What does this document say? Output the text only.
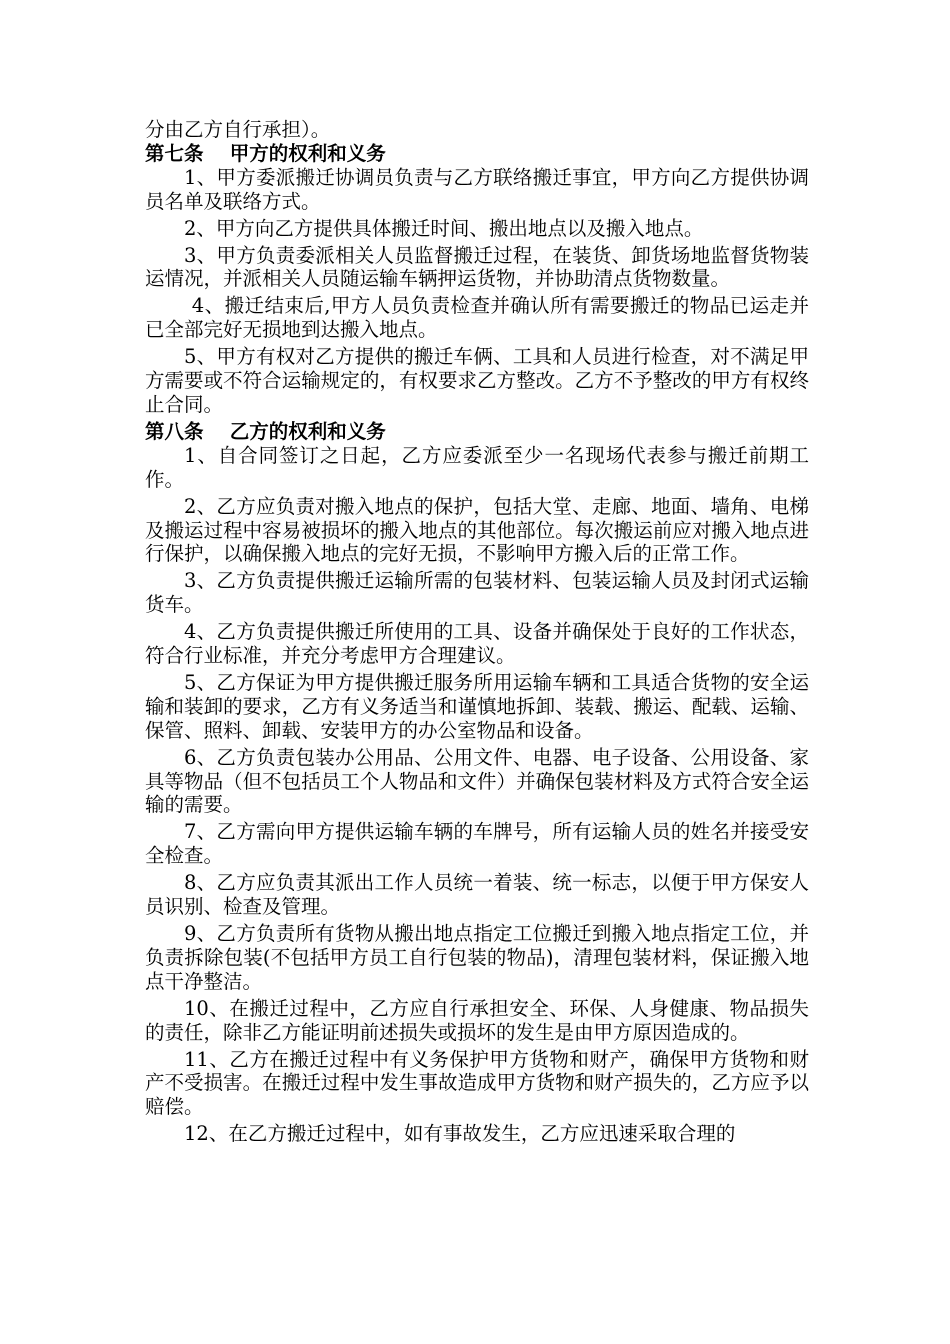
分由乙方自行承担）。

第七条　 甲方的权利和义务

1、甲方委派搬迁协调员负责与乙方联络搬迁事宜，甲方向乙方提供协调员名单及联络方式。

2、甲方向乙方提供具体搬迁时间、搬出地点以及搬入地点。

3、甲方负责委派相关人员监督搬迁过程，在装货、卸货场地监督货物装运情况，并派相关人员随运输车辆押运货物，并协助清点货物数量。

4、搬迁结束后,甲方人员负责检查并确认所有需要搬迁的物品已运走并已全部完好无损地到达搬入地点。

5、甲方有权对乙方提供的搬迁车俩、工具和人员进行检查，对不满足甲方需要或不符合运输规定的，有权要求乙方整改。乙方不予整改的甲方有权终止合同。

第八条　 乙方的权利和义务

1、自合同签订之日起，乙方应委派至少一名现场代表参与搬迁前期工作。

2、乙方应负责对搬入地点的保护，包括大堂、走廊、地面、墙角、电梯及搬运过程中容易被损坏的搬入地点的其他部位。每次搬运前应对搬入地点进行保护，以确保搬入地点的完好无损，不影响甲方搬入后的正常工作。

3、乙方负责提供搬迁运输所需的包装材料、包装运输人员及封闭式运输货车。

4、乙方负责提供搬迁所使用的工具、设备并确保处于良好的工作状态，符合行业标准，并充分考虑甲方合理建议。

5、乙方保证为甲方提供搬迁服务所用运输车辆和工具适合货物的安全运输和装卸的要求，乙方有义务适当和谨慎地拆卸、装载、搬运、配载、运输、保管、照料、卸载、安装甲方的办公室物品和设备。

6、乙方负责包装办公用品、公用文件、电器、电子设备、公用设备、家具等物品（但不包括员工个人物品和文件）并确保包装材料及方式符合安全运输的需要。

7、乙方需向甲方提供运输车辆的车牌号，所有运输人员的姓名并接受安全检查。

8、乙方应负责其派出工作人员统一着装、统一标志，以便于甲方保安人员识别、检查及管理。

9、乙方负责所有货物从搬出地点指定工位搬迁到搬入地点指定工位，并负责拆除包装(不包括甲方员工自行包装的物品)，清理包装材料，保证搬入地点干净整洁。

10、在搬迁过程中，乙方应自行承担安全、环保、人身健康、物品损失的责任，除非乙方能证明前述损失或损坏的发生是由甲方原因造成的。

11、乙方在搬迁过程中有义务保护甲方货物和财产，确保甲方货物和财产不受损害。在搬迁过程中发生事故造成甲方货物和财产损失的，乙方应予以赔偿。

12、在乙方搬迁过程中，如有事故发生，乙方应迅速采取合理的
